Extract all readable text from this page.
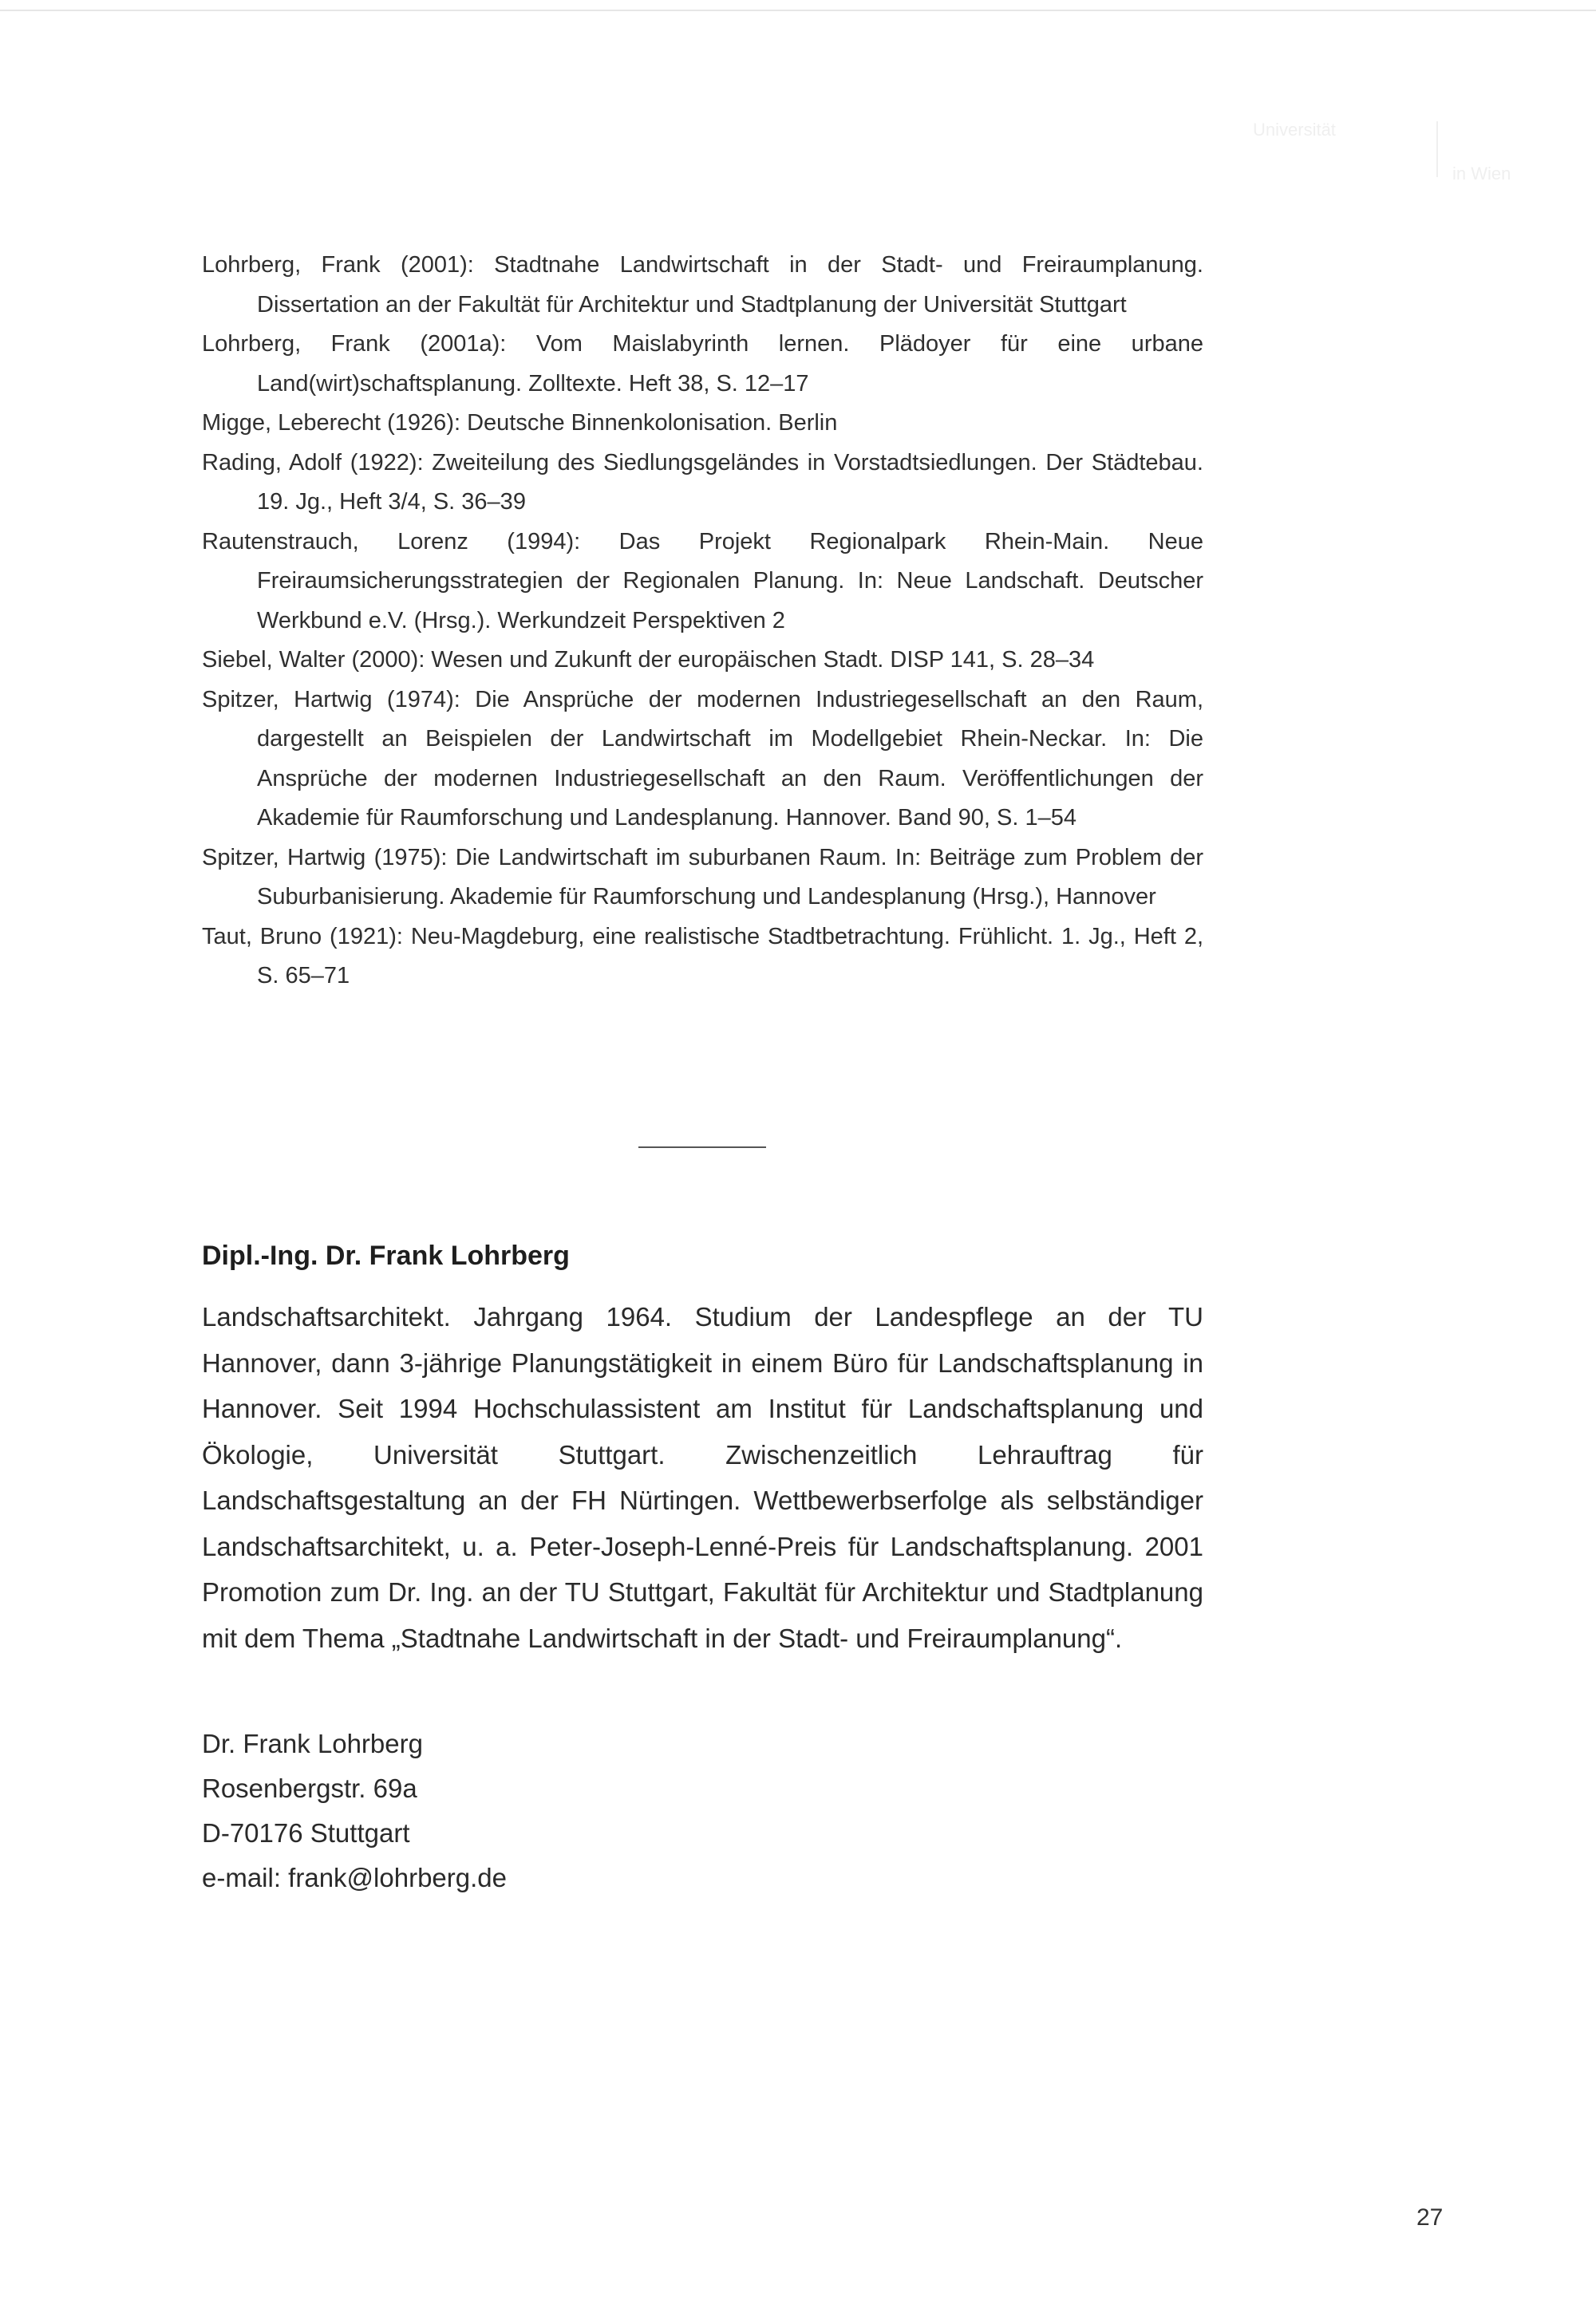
Universität
in Wien
Lohrberg, Frank (2001): Stadtnahe Landwirtschaft in der Stadt- und Freiraumplanung. Dissertation an der Fakultät für Architektur und Stadtplanung der Universität Stuttgart
Lohrberg, Frank (2001a): Vom Maislabyrinth lernen. Plädoyer für eine urbane Land(wirt)schaftsplanung. Zolltexte. Heft 38, S. 12–17
Migge, Leberecht (1926): Deutsche Binnenkolonisation. Berlin
Rading, Adolf (1922): Zweiteilung des Siedlungsgeländes in Vorstadtsiedlungen. Der Städtebau. 19. Jg., Heft 3/4, S. 36–39
Rautenstrauch, Lorenz (1994): Das Projekt Regionalpark Rhein-Main. Neue Freiraumsicherungsstrategien der Regionalen Planung. In: Neue Landschaft. Deutscher Werkbund e.V. (Hrsg.). Werkundzeit Perspektiven 2
Siebel, Walter (2000): Wesen und Zukunft der europäischen Stadt. DISP 141, S. 28–34
Spitzer, Hartwig (1974): Die Ansprüche der modernen Industriegesellschaft an den Raum, dargestellt an Beispielen der Landwirtschaft im Modellgebiet Rhein-Neckar. In: Die Ansprüche der modernen Industriegesellschaft an den Raum. Veröffentlichungen der Akademie für Raumforschung und Landesplanung. Hannover. Band 90, S. 1–54
Spitzer, Hartwig (1975): Die Landwirtschaft im suburbanen Raum. In: Beiträge zum Problem der Suburbanisierung. Akademie für Raumforschung und Landesplanung (Hrsg.), Hannover
Taut, Bruno (1921): Neu-Magdeburg, eine realistische Stadtbetrachtung. Frühlicht. 1. Jg., Heft 2, S. 65–71
Dipl.-Ing. Dr. Frank Lohrberg
Landschaftsarchitekt. Jahrgang 1964. Studium der Landespflege an der TU Hannover, dann 3-jährige Planungstätigkeit in einem Büro für Landschaftsplanung in Hannover. Seit 1994 Hochschulassistent am Institut für Landschaftsplanung und Ökologie, Universität Stuttgart. Zwischenzeitlich Lehrauftrag für Landschaftsgestaltung an der FH Nürtingen. Wettbewerbserfolge als selbständiger Landschaftsarchitekt, u. a. Peter-Joseph-Lenné-Preis für Landschaftsplanung. 2001 Promotion zum Dr. Ing. an der TU Stuttgart, Fakultät für Architektur und Stadtplanung mit dem Thema „Stadtnahe Landwirtschaft in der Stadt- und Freiraumplanung“.
Dr. Frank Lohrberg
Rosenbergstr. 69a
D-70176 Stuttgart
e-mail: frank@lohrberg.de
27
